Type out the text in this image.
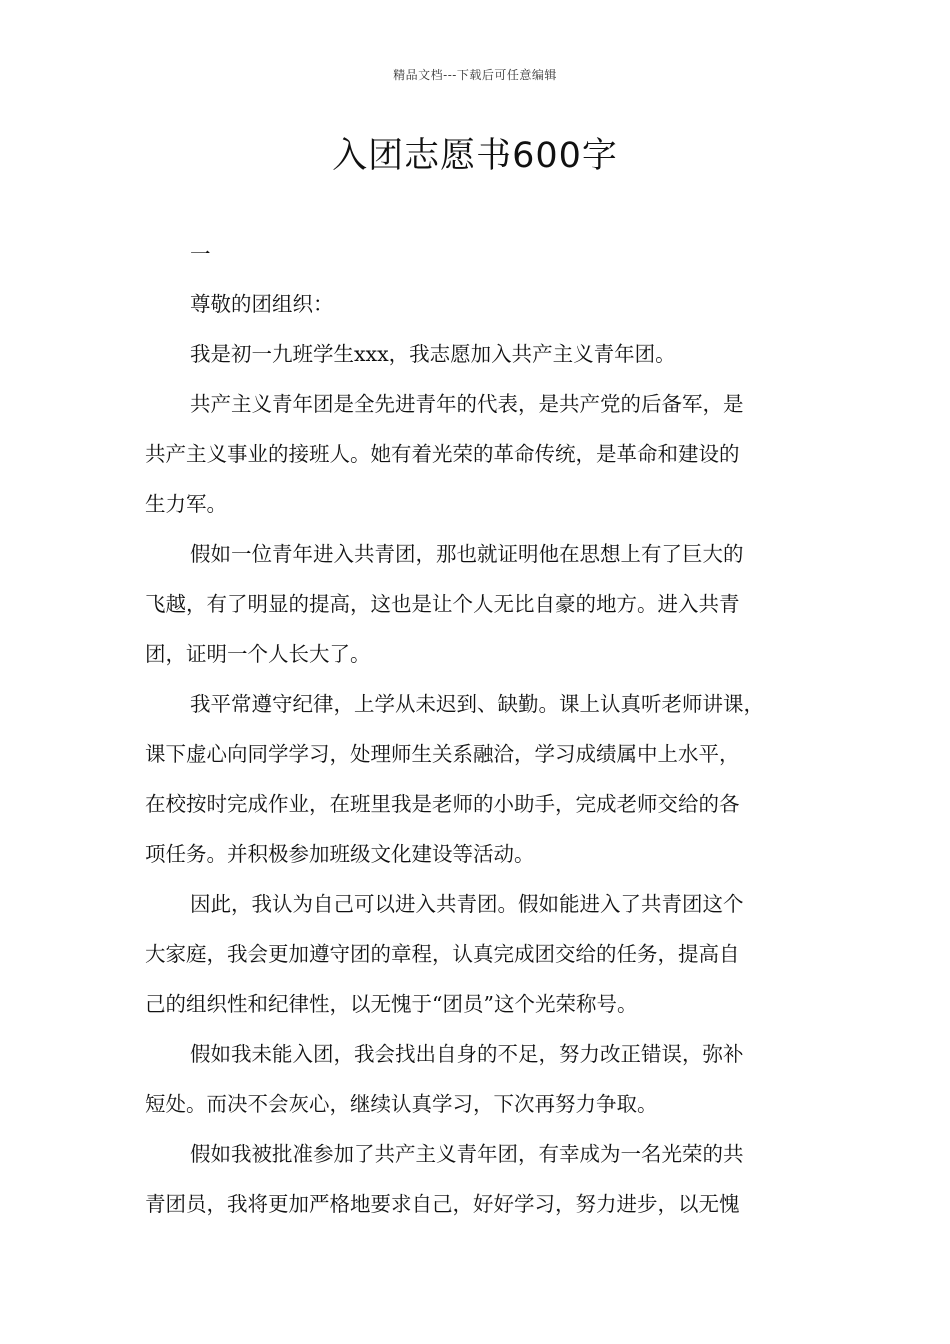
精品文档---下载后可任意编辑
入团志愿书600字

一

尊敬的团组织：

我是初一九班学生xxx，我志愿加入共产主义青年团。

共产主义青年团是全先进青年的代表，是共产党的后备军，是
共产主义事业的接班人。她有着光荣的革命传统，是革命和建设的
生力军。

假如一位青年进入共青团，那也就证明他在思想上有了巨大的
飞越，有了明显的提高，这也是让个人无比自豪的地方。进入共青
团，证明一个人长大了。

我平常遵守纪律，上学从未迟到、缺勤。课上认真听老师讲课，
课下虚心向同学学习，处理师生关系融洽，学习成绩属中上水平，
在校按时完成作业，在班里我是老师的小助手，完成老师交给的各
项任务。并积极参加班级文化建设等活动。

因此，我认为自己可以进入共青团。假如能进入了共青团这个
大家庭，我会更加遵守团的章程，认真完成团交给的任务，提高自
己的组织性和纪律性，以无愧于“团员”这个光荣称号。

假如我未能入团，我会找出自身的不足，努力改正错误，弥补
短处。而决不会灰心，继续认真学习，下次再努力争取。

假如我被批准参加了共产主义青年团，有幸成为一名光荣的共
青团员，我将更加严格地要求自己，好好学习，努力进步，以无愧
